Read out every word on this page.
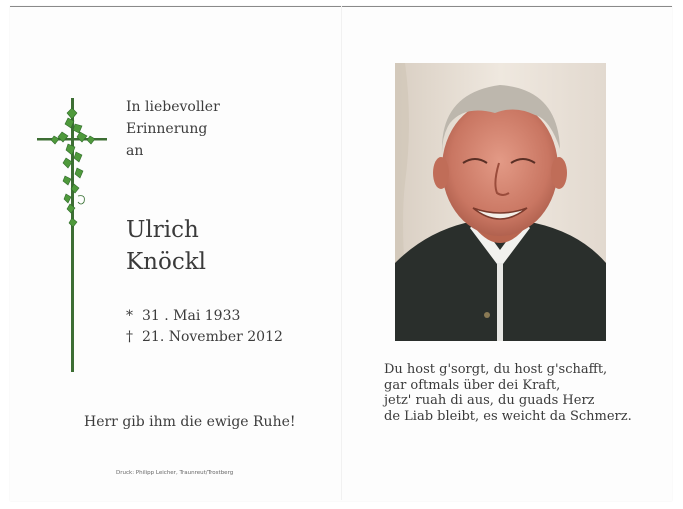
In liebevoller
Erinnerung
an
Ulrich
Knöckl
* 31 . Mai 1933
† 21. November 2012
Herr gib ihm die ewige Ruhe!
Druck: Philipp Leicher, Traunreut/Trostberg
Du host g'sorgt, du host g'schafft,
gar oftmals über dei Kraft,
jetz' ruah di aus, du guads Herz
de Liab bleibt, es weicht da Schmerz.
